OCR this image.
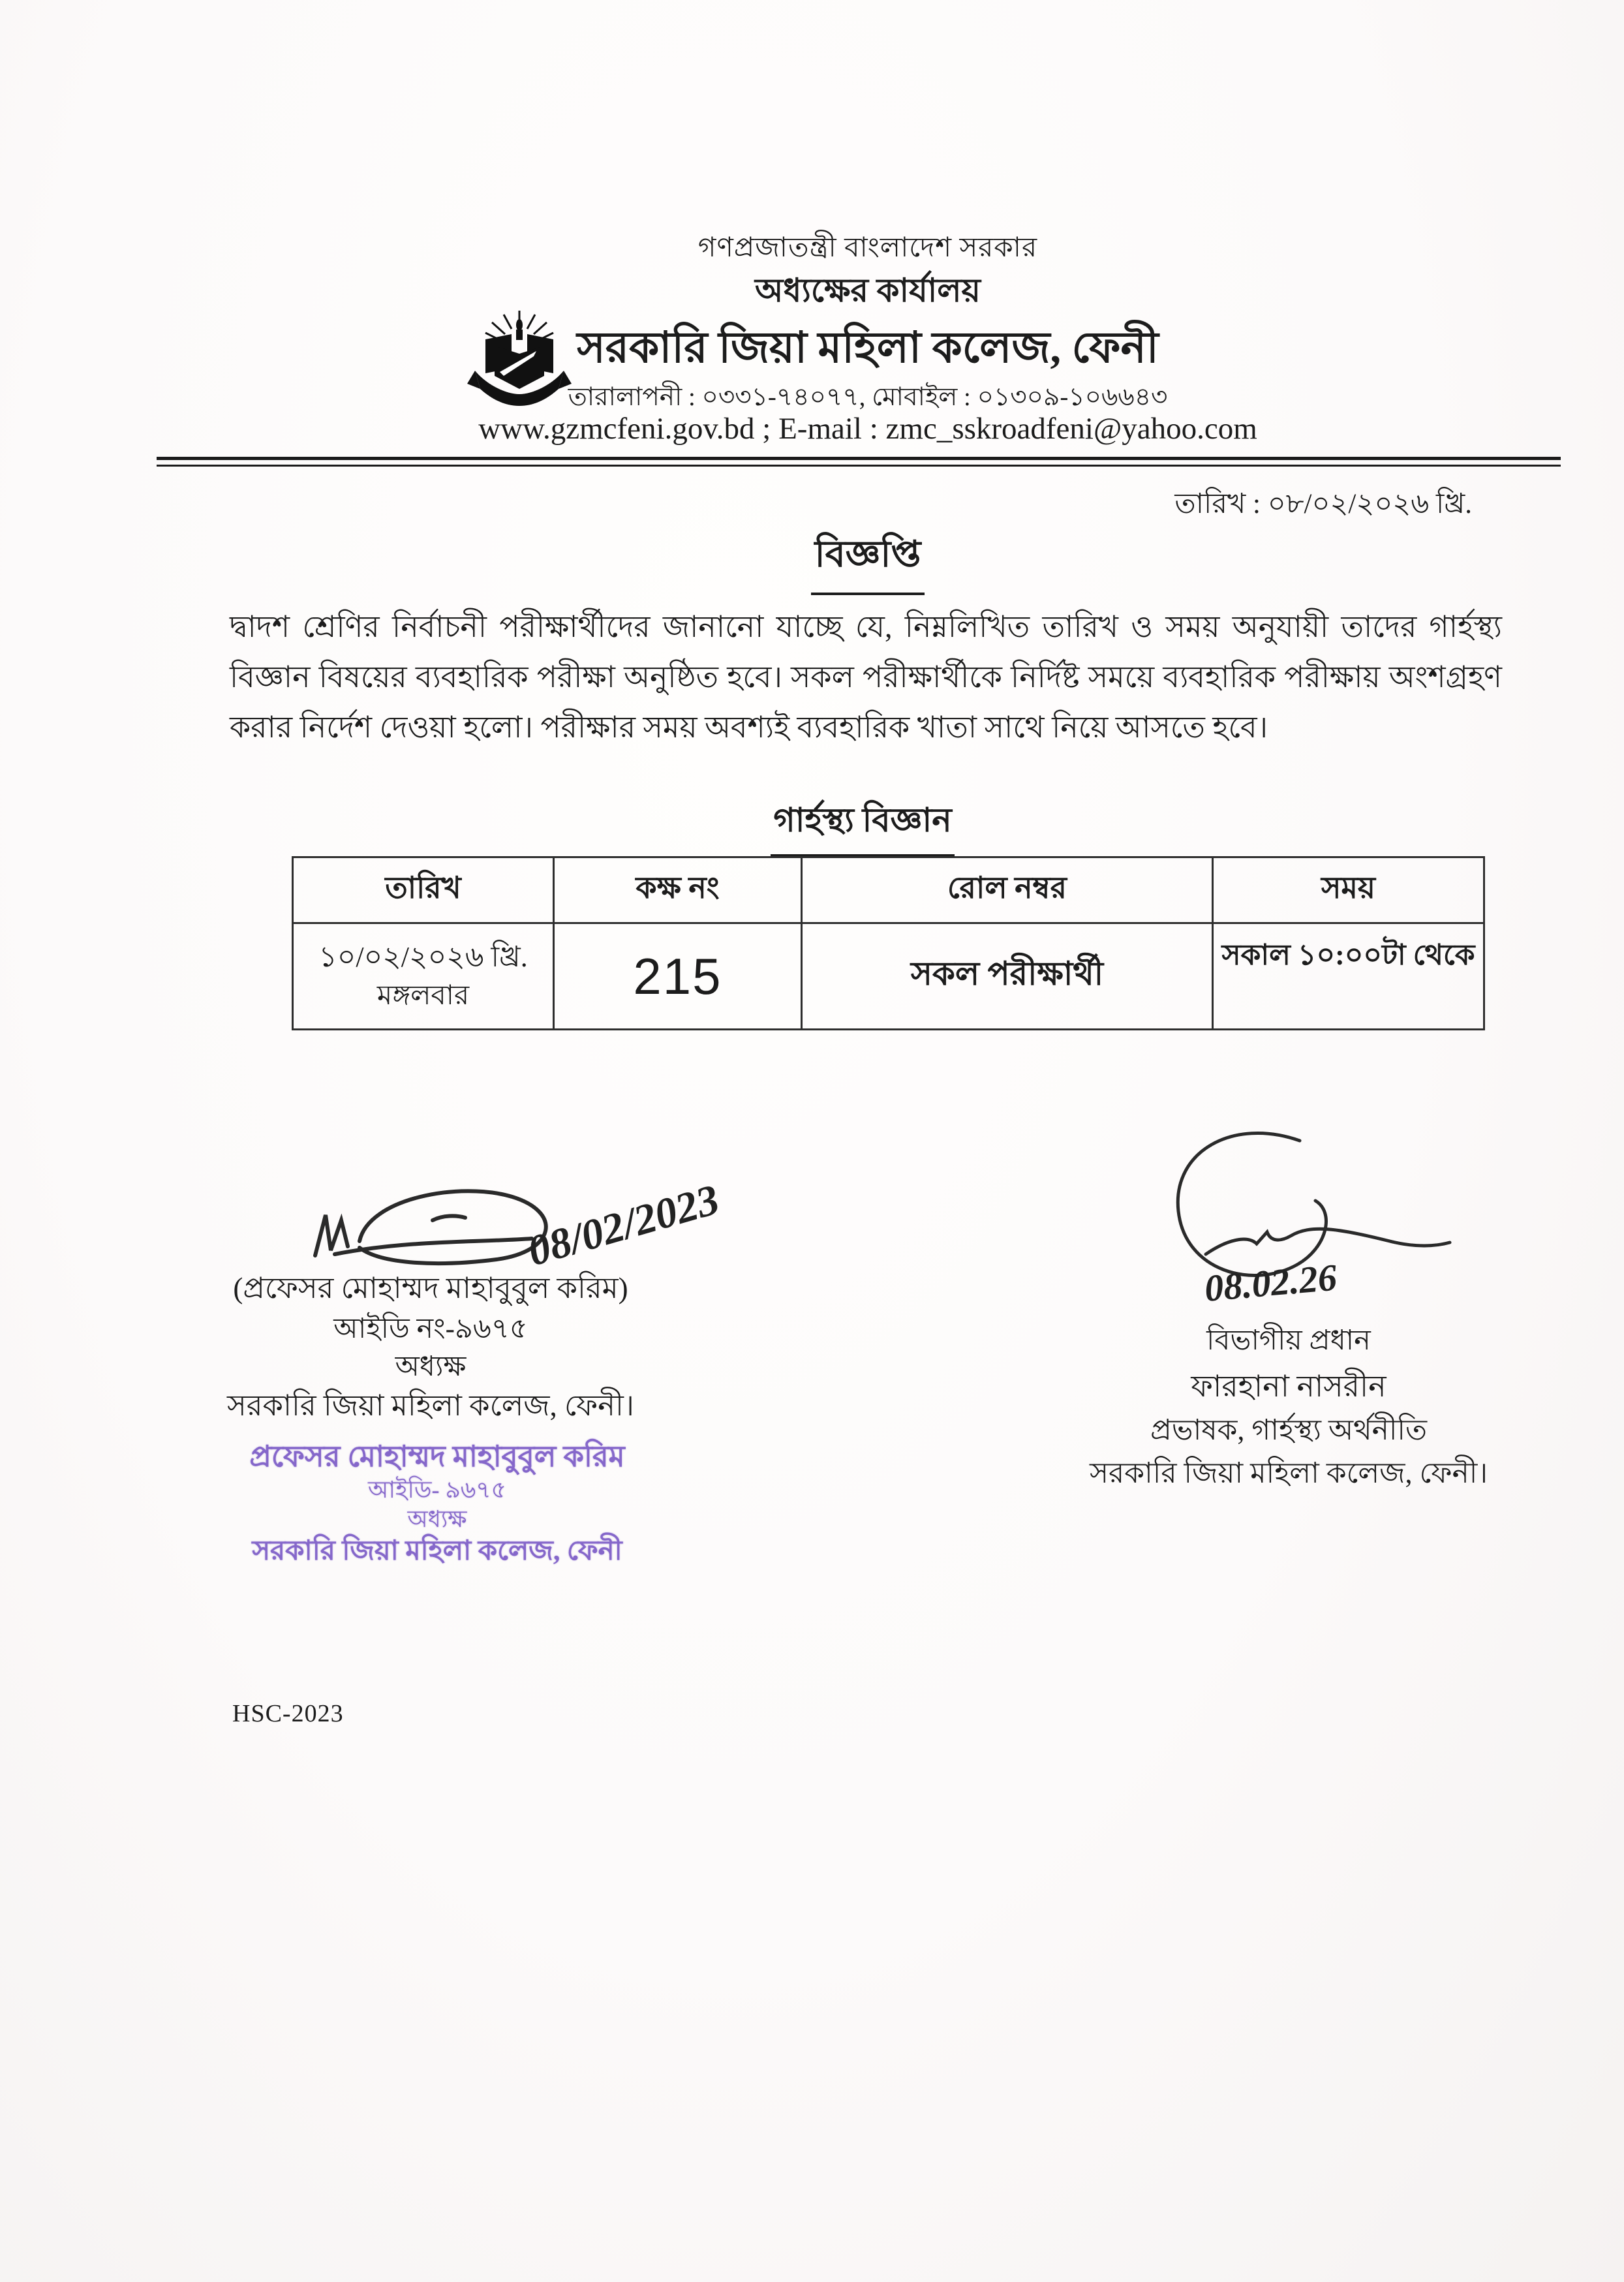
গণপ্রজাতন্ত্রী বাংলাদেশ সরকার
অধ্যক্ষের কার্যালয়
সরকারি জিয়া মহিলা কলেজ, ফেনী
তারালাপনী : ০৩৩১-৭৪০৭৭, মোবাইল : ০১৩০৯-১০৬৬৪৩
www.gzmcfeni.gov.bd ; E-mail : zmc_sskroadfeni@yahoo.com
তারিখ : ০৮/০২/২০২৬ খ্রি.
বিজ্ঞপ্তি
দ্বাদশ শ্রেণির নির্বাচনী পরীক্ষার্থীদের জানানো যাচ্ছে যে, নিম্নলিখিত তারিখ ও সময় অনুযায়ী তাদের গার্হস্থ্য বিজ্ঞান বিষয়ের ব্যবহারিক পরীক্ষা অনুষ্ঠিত হবে। সকল পরীক্ষার্থীকে নির্দিষ্ট সময়ে ব্যবহারিক পরীক্ষায় অংশগ্রহণ করার নির্দেশ দেওয়া হলো। পরীক্ষার সময় অবশ্যই ব্যবহারিক খাতা সাথে নিয়ে আসতে হবে।
গার্হস্থ্য বিজ্ঞান
তারিখ	কক্ষ নং	রোল নম্বর	সময়

১০/০২/২০২৬ খ্রি.
মঙ্গলবার	215	সকল পরীক্ষার্থী	সকাল ১০:০০টা থেকে
08/02/2023
(প্রফেসর মোহাম্মদ মাহাবুবুল করিম)
আইডি নং-৯৬৭৫
অধ্যক্ষ
সরকারি জিয়া মহিলা কলেজ, ফেনী।
প্রফেসর মোহাম্মদ মাহাবুবুল করিম
আইডি- ৯৬৭৫
অধ্যক্ষ
সরকারি জিয়া মহিলা কলেজ, ফেনী
08.02.26
বিভাগীয় প্রধান
ফারহানা নাসরীন
প্রভাষক, গার্হস্থ্য অর্থনীতি
সরকারি জিয়া মহিলা কলেজ, ফেনী।
HSC-2023
